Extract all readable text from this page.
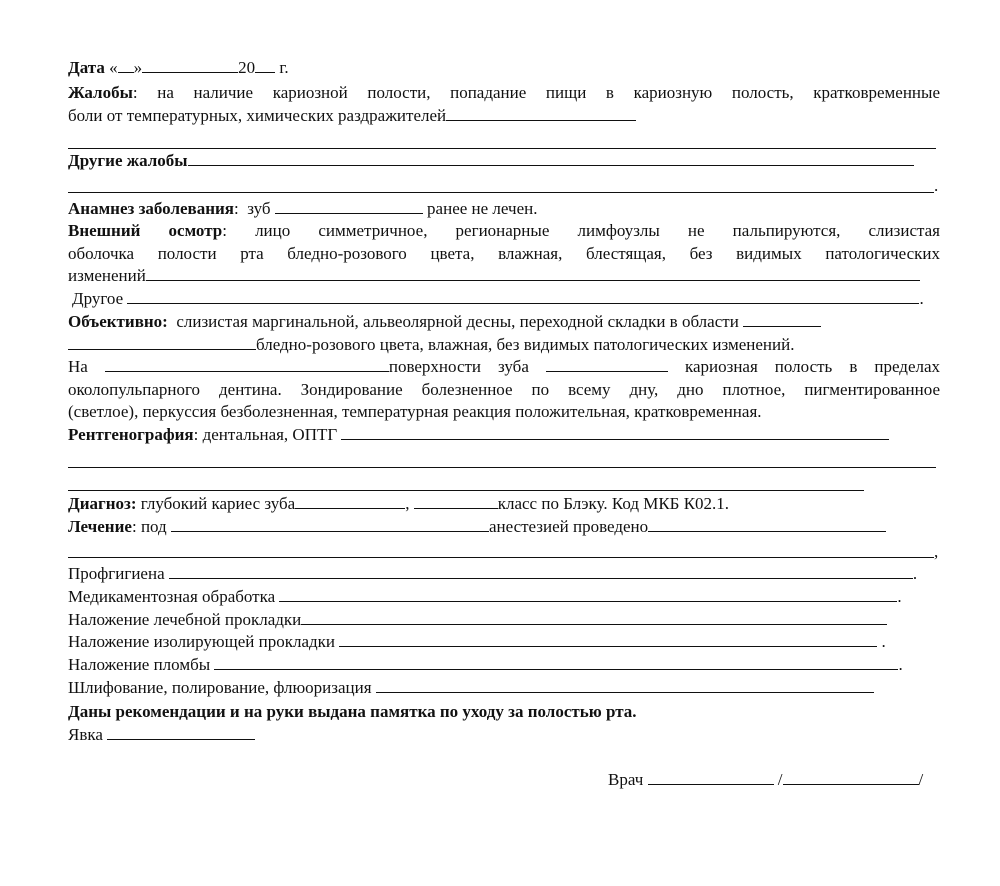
Дата « »	20 г.
Жалобы: на наличие кариозной полости, попадание пищи в кариозную полость, кратковременные
боли от температурных, химических раздражителей
Другие жалобы
.
Анамнез заболевания:  зуб	ранее не лечен.
Внешний осмотр: лицо симметричное, регионарные лимфоузлы не пальпируются, слизистая
оболочка полости рта бледно-розового цвета, влажная, блестящая, без видимых патологических
изменений
Другое	.
Объективно: слизистая маргинальной, альвеолярной десны, переходной складки в области
бледно-розового цвета, влажная, без видимых патологических изменений.
На	поверхности зуба	кариозная полость в пределах
околопульпарного дентина. Зондирование болезненное по всему дну, дно плотное, пигментированное
(светлое), перкуссия безболезненная, температурная реакция положительная, кратковременная.
Рентгенография: дентальная, ОПТГ
Диагноз: глубокий кариес зуба	,	класс по Блэку. Код МКБ К02.1.
Лечение: под	анестезией проведено
,
Профгигиена	.
Медикаментозная обработка	.
Наложение лечебной прокладки
Наложение изолирующей прокладки	.
Наложение пломбы	.
Шлифование, полирование, флюоризация
Даны рекомендации и на руки выдана памятка по уходу за полостью рта.
Явка
Врач	/	/
